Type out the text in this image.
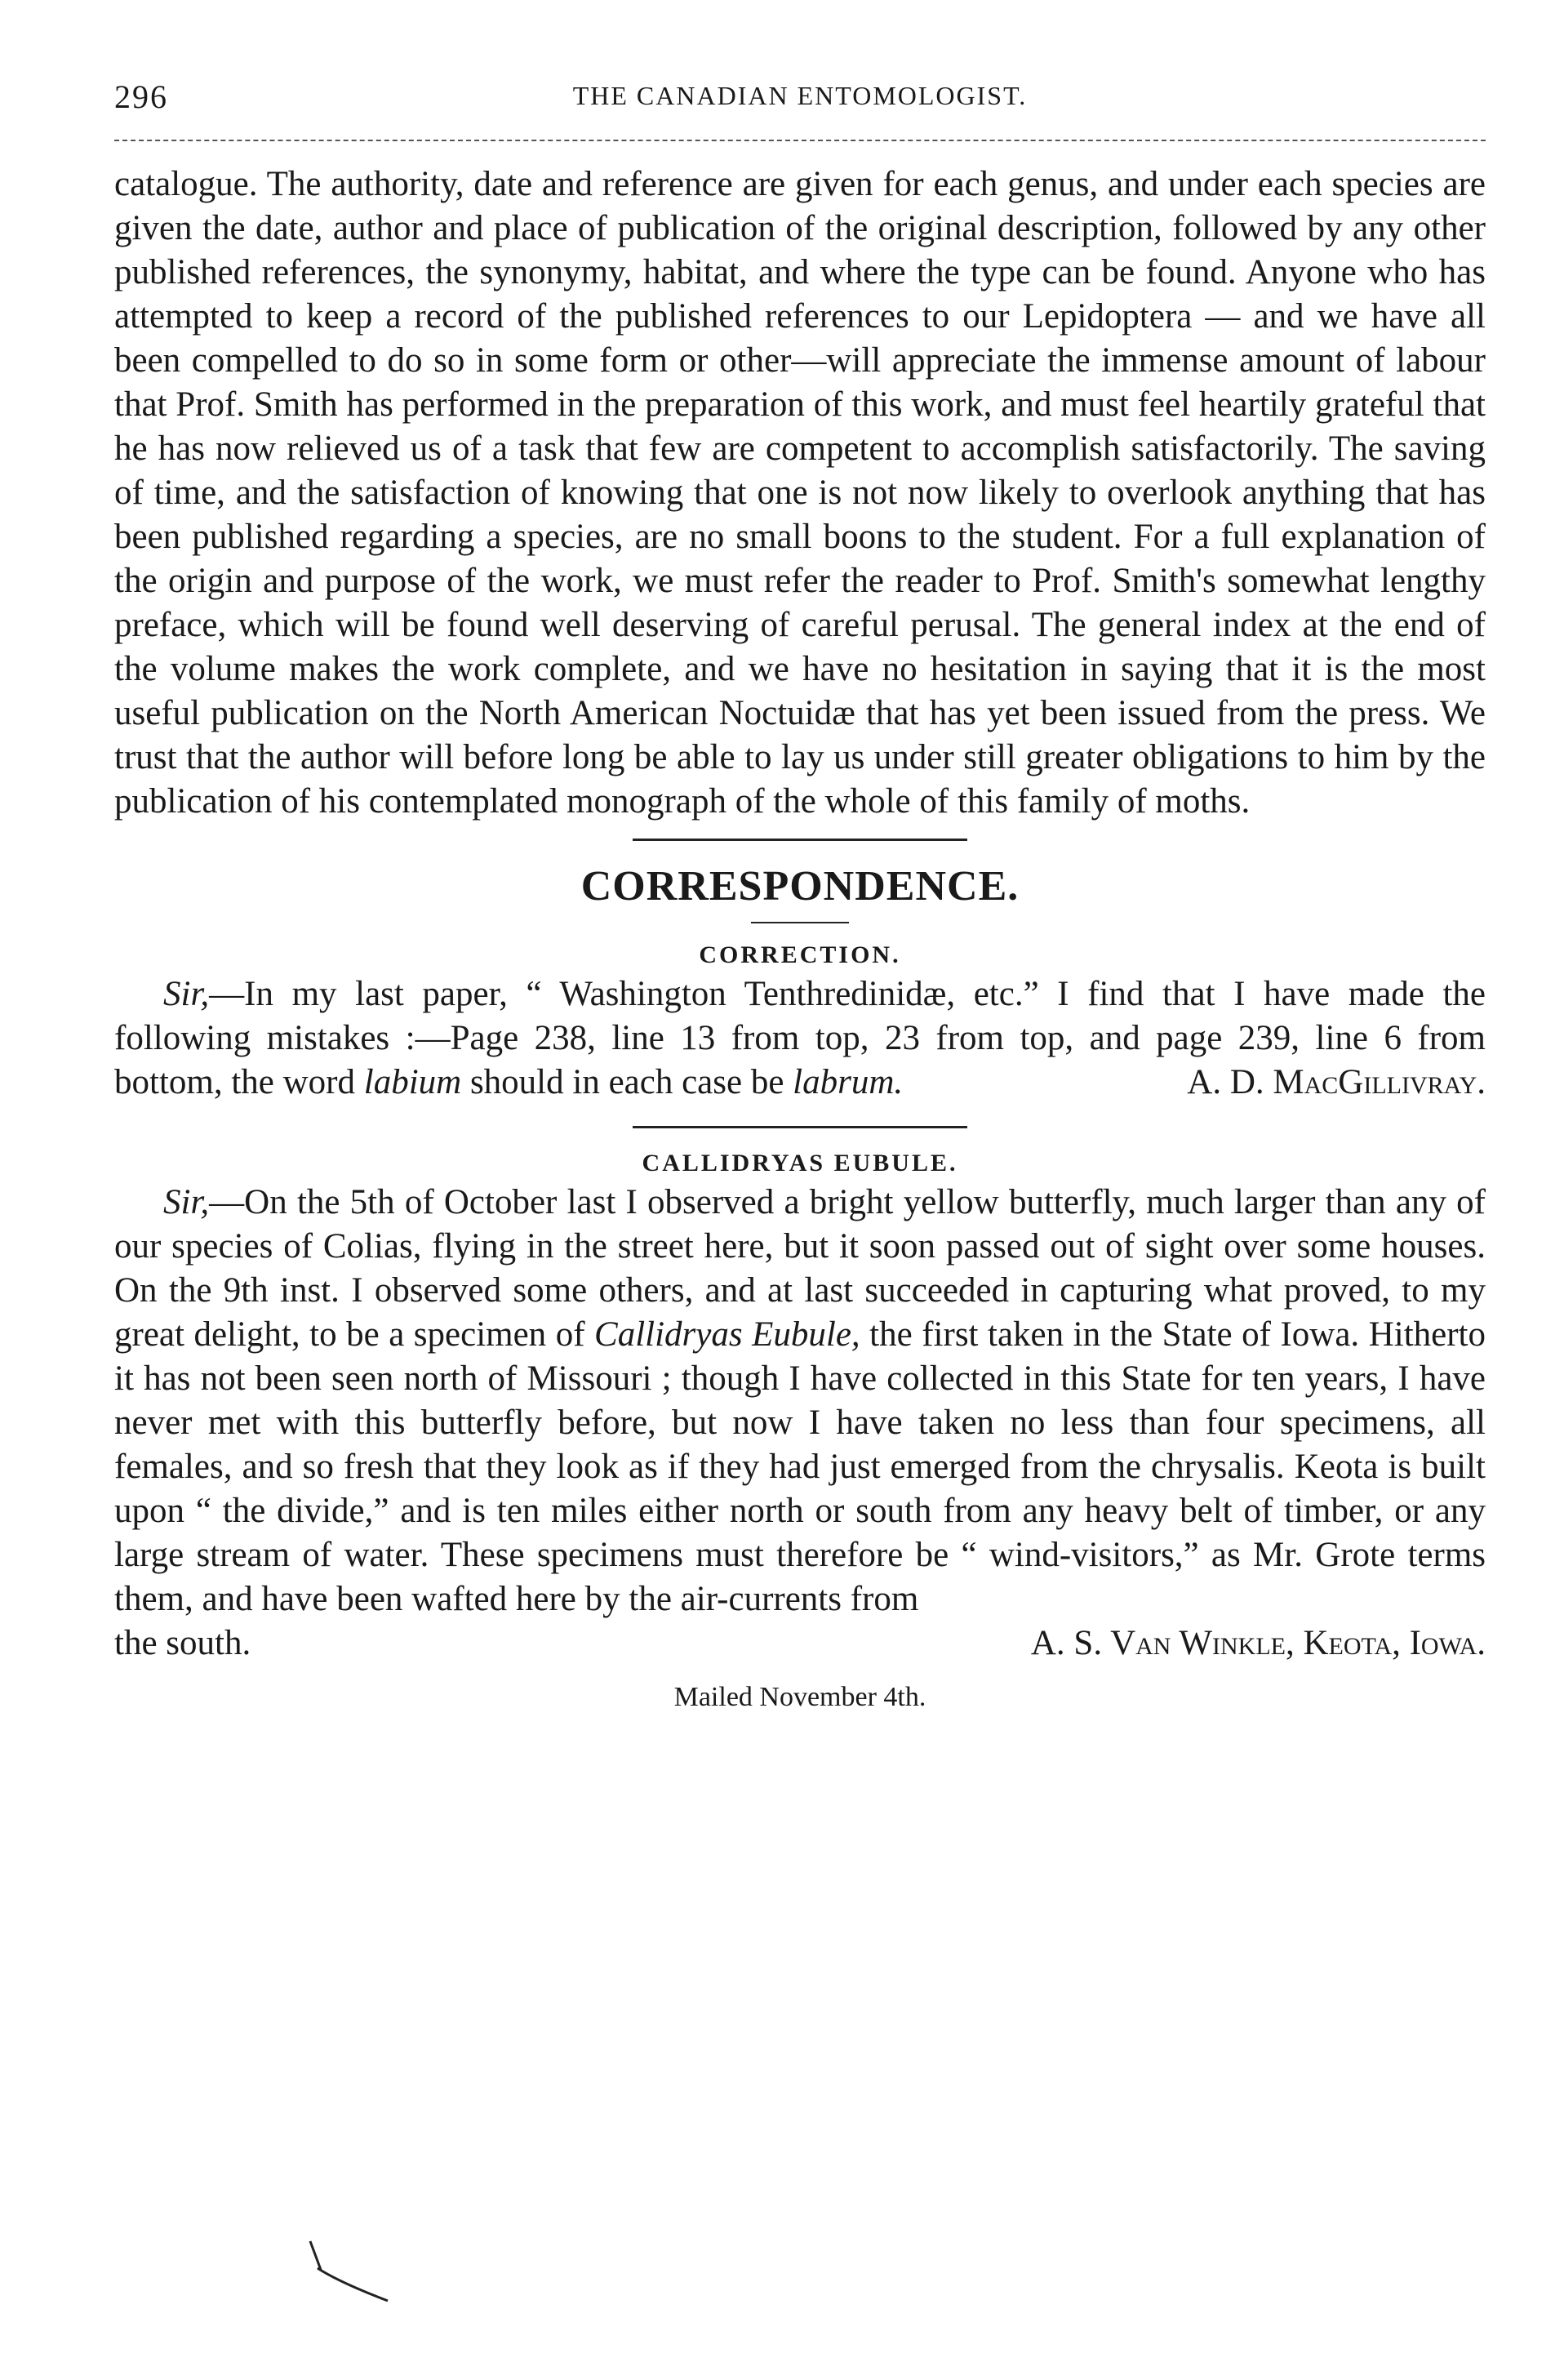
296	THE CANADIAN ENTOMOLOGIST.

catalogue. The authority, date and reference are given for each genus, and under each species are given the date, author and place of publication of the original description, followed by any other published references, the synonymy, habitat, and where the type can be found. Anyone who has attempted to keep a record of the published references to our Lepidoptera — and we have all been compelled to do so in some form or other—will appreciate the immense amount of labour that Prof. Smith has performed in the preparation of this work, and must feel heartily grateful that he has now relieved us of a task that few are competent to accomplish satisfactorily. The saving of time, and the satisfaction of knowing that one is not now likely to overlook anything that has been published regarding a species, are no small boons to the student. For a full explanation of the origin and purpose of the work, we must refer the reader to Prof. Smith's somewhat lengthy preface, which will be found well deserving of careful perusal. The general index at the end of the volume makes the work complete, and we have no hesitation in saying that it is the most useful publication on the North American Noctuidæ that has yet been issued from the press. We trust that the author will before long be able to lay us under still greater obligations to him by the publication of his contemplated monograph of the whole of this family of moths.

CORRESPONDENCE.
CORRECTION.

Sir,—In my last paper, “ Washington Tenthredinidæ, etc.” I find that I have made the following mistakes :—Page 238, line 13 from top, 23 from top, and page 239, line 6 from bottom, the word labium should in each case be labrum.	A. D. MacGillivray.

CALLIDRYAS EUBULE.

Sir,—On the 5th of October last I observed a bright yellow butterfly, much larger than any of our species of Colias, flying in the street here, but it soon passed out of sight over some houses. On the 9th inst. I observed some others, and at last succeeded in capturing what proved, to my great delight, to be a specimen of Callidryas Eubule, the first taken in the State of Iowa. Hitherto it has not been seen north of Missouri ; though I have collected in this State for ten years, I have never met with this butterfly before, but now I have taken no less than four specimens, all females, and so fresh that they look as if they had just emerged from the chrysalis. Keota is built upon “ the divide,” and is ten miles either north or south from any heavy belt of timber, or any large stream of water. These specimens must therefore be “ wind-visitors,” as Mr. Grote terms them, and have been wafted here by the air-currents from

the south.	A. S. Van Winkle, Keota, Iowa.

Mailed November 4th.
